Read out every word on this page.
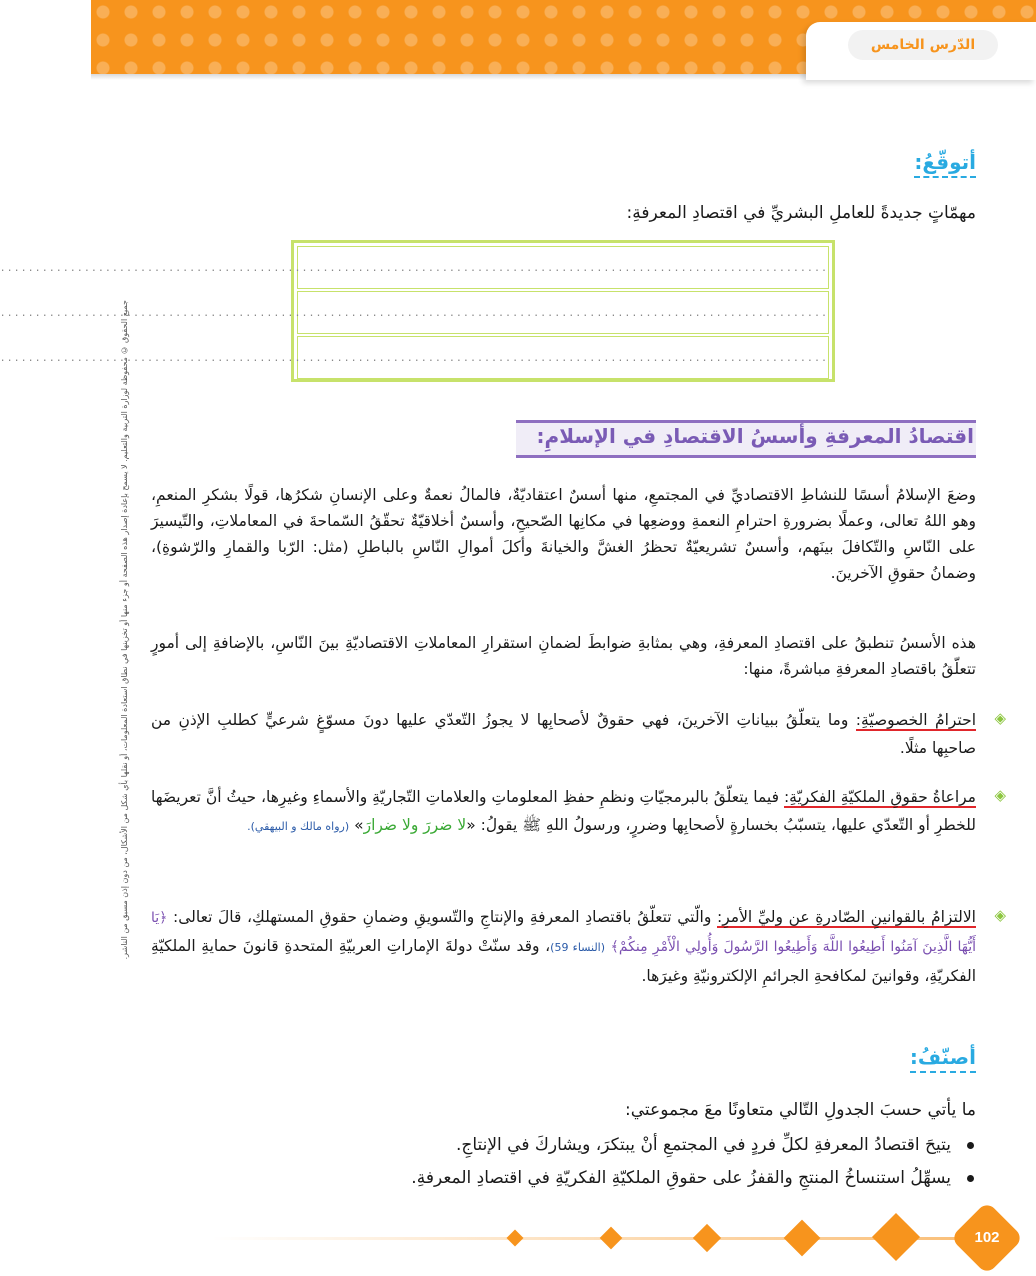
الدّرس الخامس
جميع الحقوق © محفوظة لوزارة التربية والتعليم. لا يسمح بإعادة إصدار هذه الصفحة أو جزء منها أو تخزينها في نطاق استعادة المعلومات، أو نقلها بأي شكل من الأشكال، من دون إذن مسبق من الناشر.
أتوقّعُ:
مهمّاتٍ جديدةً للعاملِ البشريِّ في اقتصادِ المعرفةِ:
......................................................................................................................
......................................................................................................................
......................................................................................................................
اقتصادُ المعرفةِ وأسسُ الاقتصادِ في الإسلامِ:
وضعَ الإسلامُ أسسًا للنشاطِ الاقتصاديِّ في المجتمعِ، منها أسسٌ اعتقاديّةٌ، فالمالُ نعمةٌ وعلى الإنسانِ شكرُها، قولًا بشكرِ المنعمِ، وهو اللهُ تعالى، وعملًا بضرورةِ احترامِ النعمةِ ووضعِها في مكانِها الصّحيحِ، وأسسٌ أخلاقيّةٌ تحقّقُ السّماحةَ في المعاملاتِ، والتّيسيرَ على النّاسِ والتّكافلَ بينَهم، وأسسٌ تشريعيّةٌ تحظرُ الغشَّ والخيانةَ وأكلَ أموالِ النّاسِ بالباطلِ (مثل: الرّبا والقمارِ والرّشوةِ)، وضمانُ حقوقِ الآخرينَ.
هذه الأسسُ تنطبقُ على اقتصادِ المعرفةِ، وهي بمثابةِ ضوابطَ لضمانِ استقرارِ المعاملاتِ الاقتصاديّةِ بينَ النّاسِ، بالإضافةِ إلى أمورٍ تتعلّقُ باقتصادِ المعرفةِ مباشرةً، منها:
◈
احترامُ الخصوصيّةِ: وما يتعلّقُ ببياناتِ الآخرينَ، فهي حقوقٌ لأصحابِها لا يجوزُ التّعدّي عليها دونَ مسوّغٍ شرعيٍّ كطلبِ الإذنِ من صاحبِها مثلًا.
◈
مراعاةُ حقوقِ الملكيّةِ الفكريّةِ: فيما يتعلّقُ بالبرمجيّاتِ ونظمِ حفظِ المعلوماتِ والعلاماتِ التّجاريّةِ والأسماءِ وغيرِها، حيثُ أنَّ تعريضَها للخطرِ أو التّعدّي عليها، يتسبّبُ بخسارةٍ لأصحابِها وضررٍ، ورسولُ اللهِ ﷺ يقولُ: «لا ضررَ ولا ضرارَ» (رواه مالك و البيهقي).
◈
الالتزامُ بالقوانينِ الصّادرةِ عن وليِّ الأمرِ: والّتي تتعلّقُ باقتصادِ المعرفةِ والإنتاجِ والتّسويقِ وضمانِ حقوقِ المستهلكِ، قالَ تعالى: ﴿يَا أَيُّهَا الَّذِينَ آمَنُوا أَطِيعُوا اللَّهَ وَأَطِيعُوا الرَّسُولَ وَأُولِي الْأَمْرِ مِنكُمْ﴾ (النساء 59)، وقد سنّتْ دولةَ الإماراتِ العربيّةِ المتحدةِ قانونَ حمايةِ الملكيّةِ الفكريّةِ، وقوانينَ لمكافحةِ الجرائمِ الإلكترونيّةِ وغيرَها.
أصنّفُ:
ما يأتي حسبَ الجدولِ التّالي متعاونًا معَ مجموعتي:
يتيحَ اقتصادُ المعرفةِ لكلِّ فردٍ في المجتمعِ أنْ يبتكرَ، ويشاركَ في الإنتاجِ.
يسهِّلُ استنساخُ المنتجِ والقفزُ على حقوقِ الملكيّةِ الفكريّةِ في اقتصادِ المعرفةِ.
102
